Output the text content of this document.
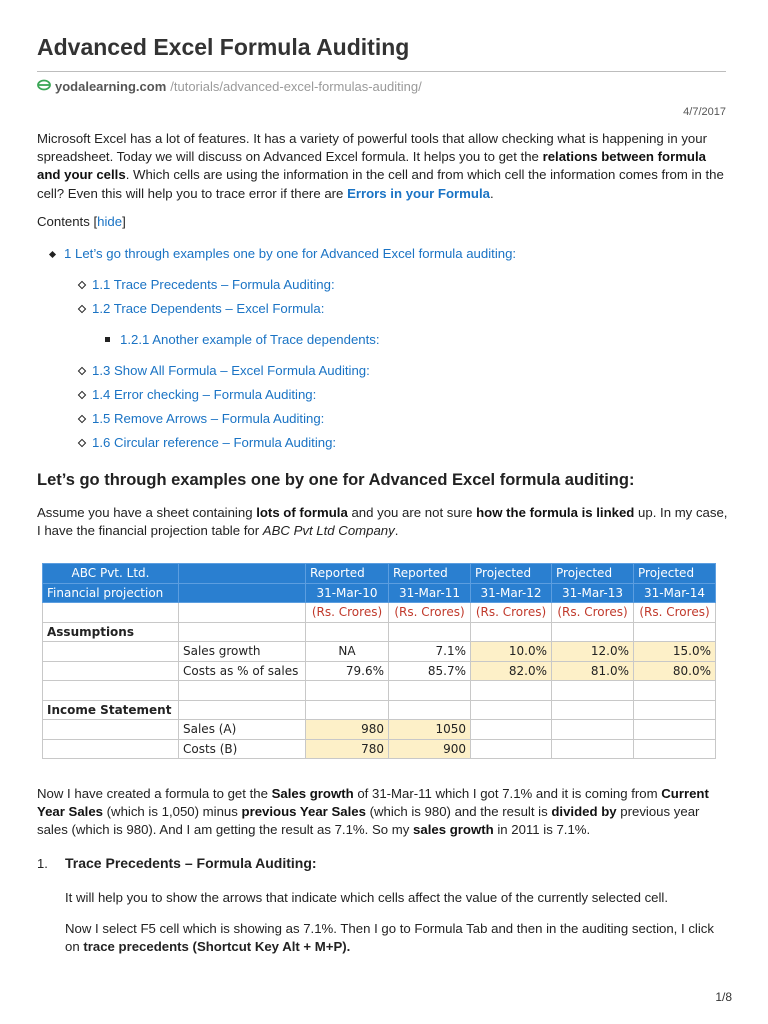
Advanced Excel Formula Auditing
yodalearning.com /tutorials/advanced-excel-formulas-auditing/
4/7/2017

Microsoft Excel has a lot of features. It has a variety of powerful tools that allow checking what is happening in your spreadsheet. Today we will discuss on Advanced Excel formula. It helps you to get the relations between formula and your cells. Which cells are using the information in the cell and from which cell the information comes from in the cell? Even this will help you to trace error if there are Errors in your Formula.

Contents [hide]
1 Let’s go through examples one by one for Advanced Excel formula auditing:
1.1 Trace Precedents – Formula Auditing:
1.2 Trace Dependents – Excel Formula:
1.2.1 Another example of Trace dependents:
1.3 Show All Formula – Excel Formula Auditing:
1.4 Error checking – Formula Auditing:
1.5 Remove Arrows – Formula Auditing:
1.6 Circular reference – Formula Auditing:
Let’s go through examples one by one for Advanced Excel formula auditing:

Assume you have a sheet containing lots of formula and you are not sure how the formula is linked up. In my case, I have the financial projection table for ABC Pvt Ltd Company.

ABC Pvt. Ltd.		Reported	Reported	Projected	Projected	Projected
Financial projection		31-Mar-10	31-Mar-11	31-Mar-12	31-Mar-13	31-Mar-14
		(Rs. Crores)	(Rs. Crores)	(Rs. Crores)	(Rs. Crores)	(Rs. Crores)
Assumptions						
	Sales growth	NA	7.1%	10.0%	12.0%	15.0%
	Costs as % of sales	79.6%	85.7%	82.0%	81.0%	80.0%

Income Statement						
	Sales (A)	980	1050			
	Costs (B)	780	900			

Now I have created a formula to get the Sales growth of 31-Mar-11 which I got 7.1% and it is coming from Current Year Sales (which is 1,050) minus previous Year Sales (which is 980) and the result is divided by previous year sales (which is 980). And I am getting the result as 7.1%. So my sales growth in 2011 is 7.1%.

1. Trace Precedents – Formula Auditing:

It will help you to show the arrows that indicate which cells affect the value of the currently selected cell.

Now I select F5 cell which is showing as 7.1%. Then I go to Formula Tab and then in the auditing section, I click on trace precedents (Shortcut Key Alt + M+P).

1/8
